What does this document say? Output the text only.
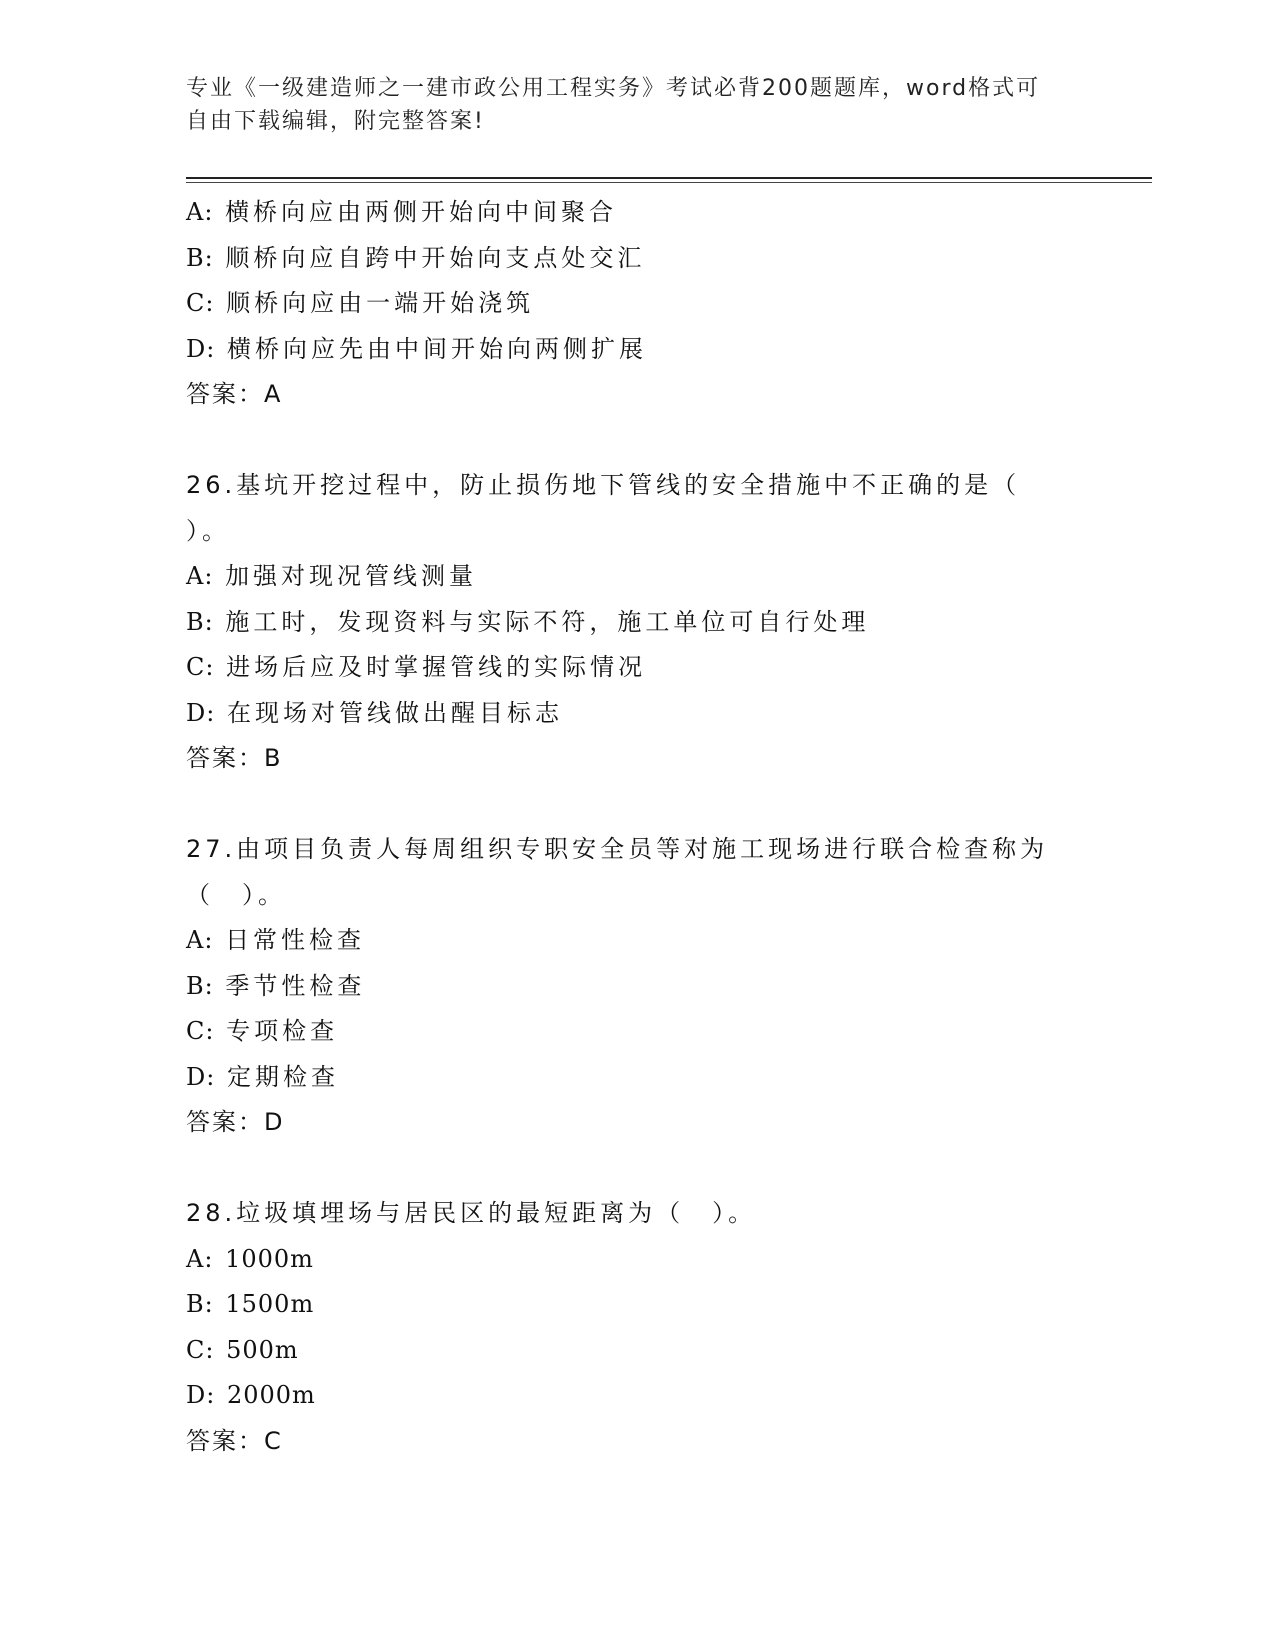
专业《一级建造师之一建市政公用工程实务》考试必背200题题库，word格式可
自由下载编辑，附完整答案!
A: 横桥向应由两侧开始向中间聚合
B: 顺桥向应自跨中开始向支点处交汇
C: 顺桥向应由一端开始浇筑
D: 横桥向应先由中间开始向两侧扩展
答案：A
26.基坑开挖过程中，防止损伤地下管线的安全措施中不正确的是（
）。
A: 加强对现况管线测量
B: 施工时，发现资料与实际不符，施工单位可自行处理
C: 进场后应及时掌握管线的实际情况
D: 在现场对管线做出醒目标志
答案：B
27.由项目负责人每周组织专职安全员等对施工现场进行联合检查称为
（　）。
A: 日常性检查
B: 季节性检查
C: 专项检查
D: 定期检查
答案：D
28.垃圾填埋场与居民区的最短距离为（　）。
A: 1000m
B: 1500m
C: 500m
D: 2000m
答案：C
